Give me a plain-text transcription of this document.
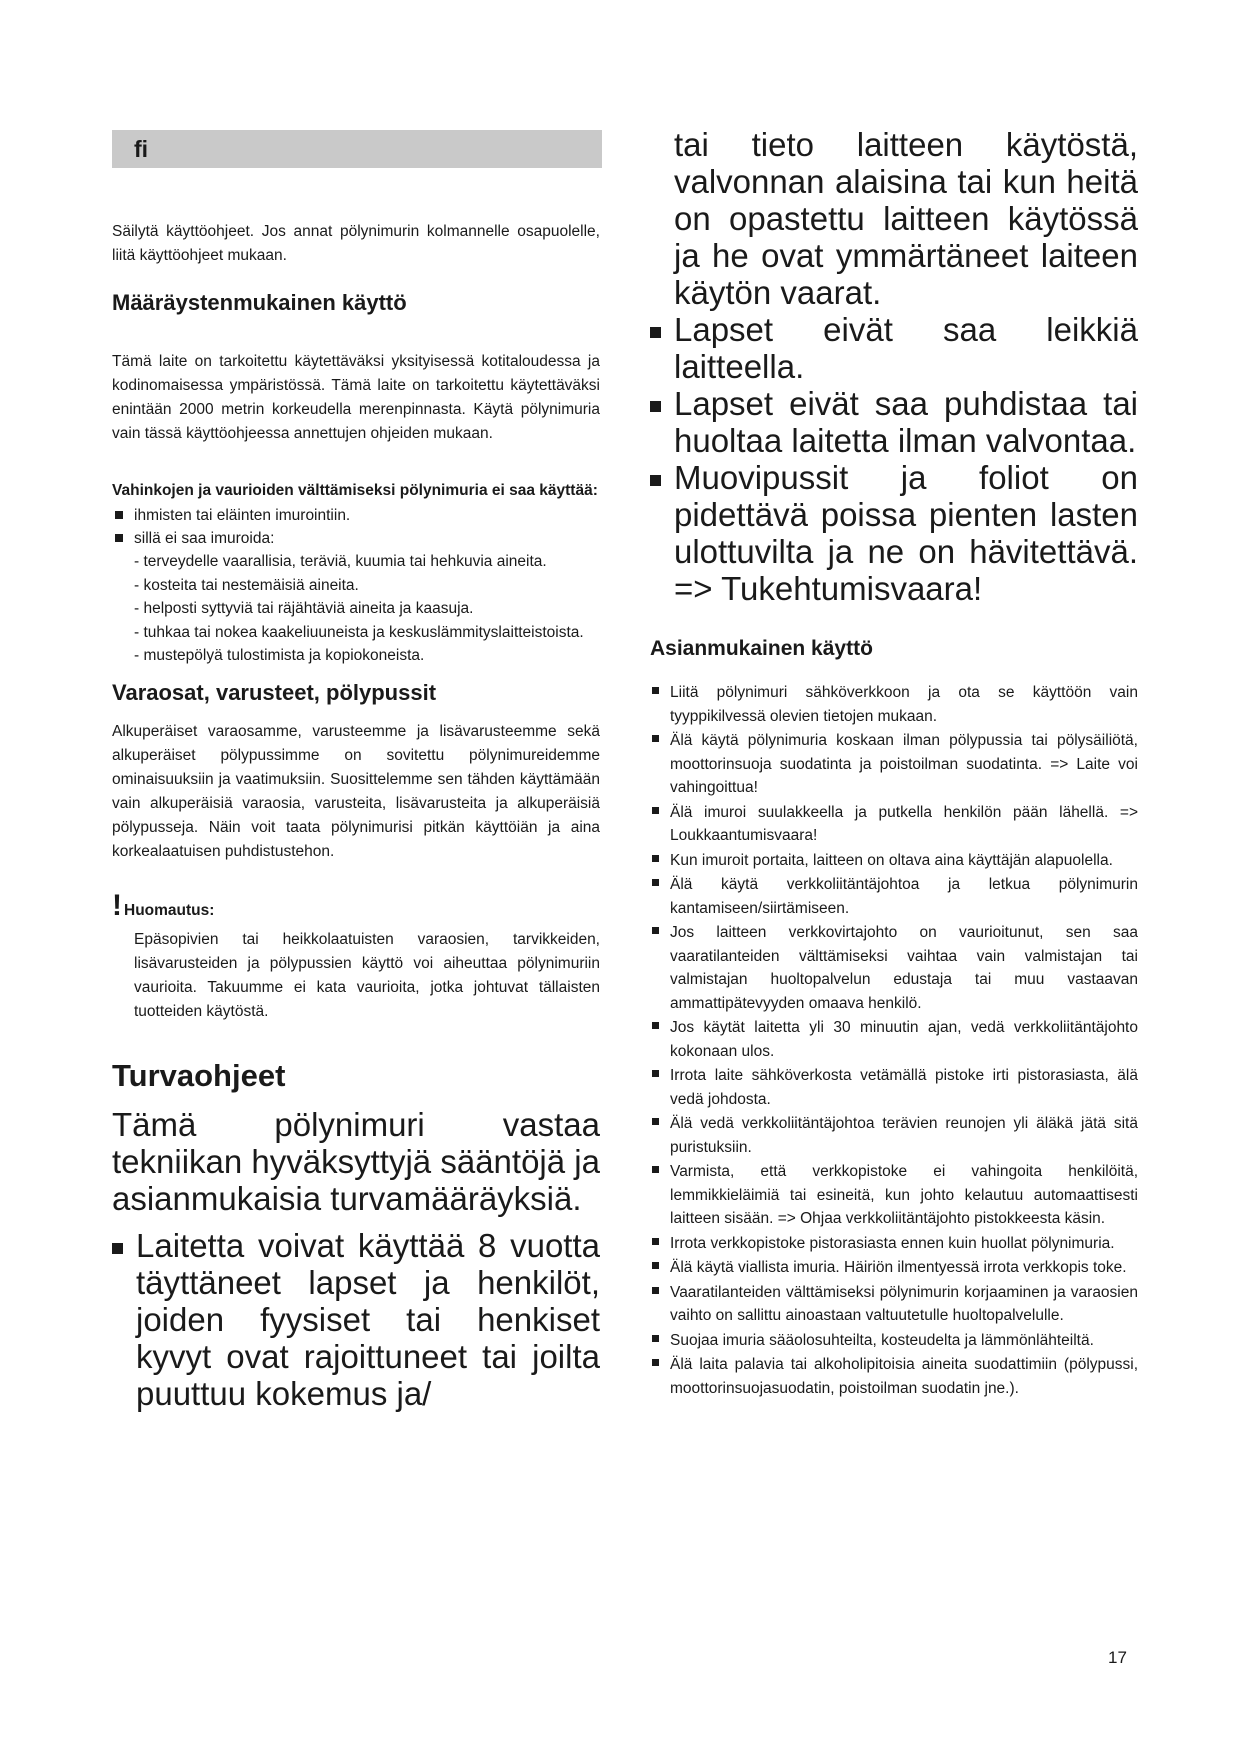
fi

Säilytä käyttöohjeet. Jos annat pölynimurin kolmannelle osapuolelle, liitä käyttöohjeet mukaan.

Määräystenmukainen käyttö

Tämä laite on tarkoitettu käytettäväksi yksityisessä kotitaloudessa ja kodinomaisessa ympäristössä. Tämä laite on tarkoitettu käytettäväksi enintään 2000 metrin korkeudella merenpinnasta. Käytä pölynimuria vain tässä käyttöohjeessa annettujen ohjeiden mukaan.

Vahinkojen ja vaurioiden välttämiseksi pölynimuria ei saa käyttää:
ihmisten tai eläinten imurointiin.
sillä ei saa imuroida:
- terveydelle vaarallisia, teräviä, kuumia tai hehkuvia aineita.
- kosteita tai nestemäisiä aineita.
- helposti syttyviä tai räjähtäviä aineita ja kaasuja.
- tuhkaa tai nokea kaakeliuuneista ja keskuslämmityslaitteistoista.
- mustepölyä tulostimista ja kopiokoneista.
Varaosat, varusteet, pölypussit

Alkuperäiset varaosamme, varusteemme ja lisävarusteemme sekä alkuperäiset pölypussimme on sovitettu pölynimureidemme ominaisuuksiin ja vaatimuksiin. Suosittelemme sen tähden käyttämään vain alkuperäisiä varaosia, varusteita, lisävarusteita ja alkuperäisiä pölypusseja. Näin voit taata pölynimurisi pitkän käyttöiän ja aina korkealaatuisen puhdistustehon.

! Huomautus:

Epäsopivien tai heikkolaatuisten varaosien, tarvikkeiden, lisävarusteiden ja pölypussien käyttö voi aiheuttaa pölynimuriin vaurioita. Takuumme ei kata vaurioita, jotka johtuvat tällaisten tuotteiden käytöstä.

Turvaohjeet

Tämä pölynimuri vastaa tekniikan hyväksyttyjä sääntöjä ja asianmukaisia turvamääräyksiä.

Laitetta voivat käyttää 8 vuotta täyttäneet lapset ja henkilöt, joiden fyysiset tai henkiset kyvyt ovat rajoittuneet tai joilta puuttuu kokemus ja/

tai tieto laitteen käytöstä, valvonnan alaisina tai kun heitä on opastettu laitteen käytössä ja he ovat ymmärtäneet laiteen käytön vaarat.

Lapset eivät saa leikkiä laitteella.
Lapset eivät saa puhdistaa tai huoltaa laitetta ilman valvontaa.
Muovipussit ja foliot on pidettävä poissa pienten lasten ulottuvilta ja ne on hävitettävä. => Tukehtumisvaara!
Asianmukainen käyttö
Liitä pölynimuri sähköverkkoon ja ota se käyttöön vain tyyppikilvessä olevien tietojen mukaan.
Älä käytä pölynimuria koskaan ilman pölypussia tai pölysäiliötä, moottorinsuoja suodatinta ja poistoilman suodatinta. => Laite voi vahingoittua!
Älä imuroi suulakkeella ja putkella henkilön pään lähellä. => Loukkaantumisvaara!
Kun imuroit portaita, laitteen on oltava aina käyttäjän alapuolella.
Älä käytä verkkoliitäntäjohtoa ja letkua pölynimurin kantamiseen/siirtämiseen.
Jos laitteen verkkovirtajohto on vaurioitunut, sen saa vaaratilanteiden välttämiseksi vaihtaa vain valmistajan tai valmistajan huoltopalvelun edustaja tai muu vastaavan ammattipätevyyden omaava henkilö.
Jos käytät laitetta yli 30 minuutin ajan, vedä verkkoliitäntäjohto kokonaan ulos.
Irrota laite sähköverkosta vetämällä pistoke irti pistorasiasta, älä vedä johdosta.
Älä vedä verkkoliitäntäjohtoa terävien reunojen yli äläkä jätä sitä puristuksiin.
Varmista, että verkkopistoke ei vahingoita henkilöitä, lemmikkieläimiä tai esineitä, kun johto kelautuu automaattisesti laitteen sisään. => Ohjaa verkkoliitäntäjohto pistokkeesta käsin.
Irrota verkkopistoke pistorasiasta ennen kuin huollat pölynimuria.
Älä käytä viallista imuria. Häiriön ilmentyessä irrota verkkopis toke.
Vaaratilanteiden välttämiseksi pölynimurin korjaaminen ja varaosien vaihto on sallittu ainoastaan valtuutetulle huoltopalvelulle.
Suojaa imuria sääolosuhteilta, kosteudelta ja lämmönlähteiltä.
Älä laita palavia tai alkoholipitoisia aineita suodattimiin (pölypussi, moottorinsuojasuodatin, poistoilman suodatin jne.).
17
